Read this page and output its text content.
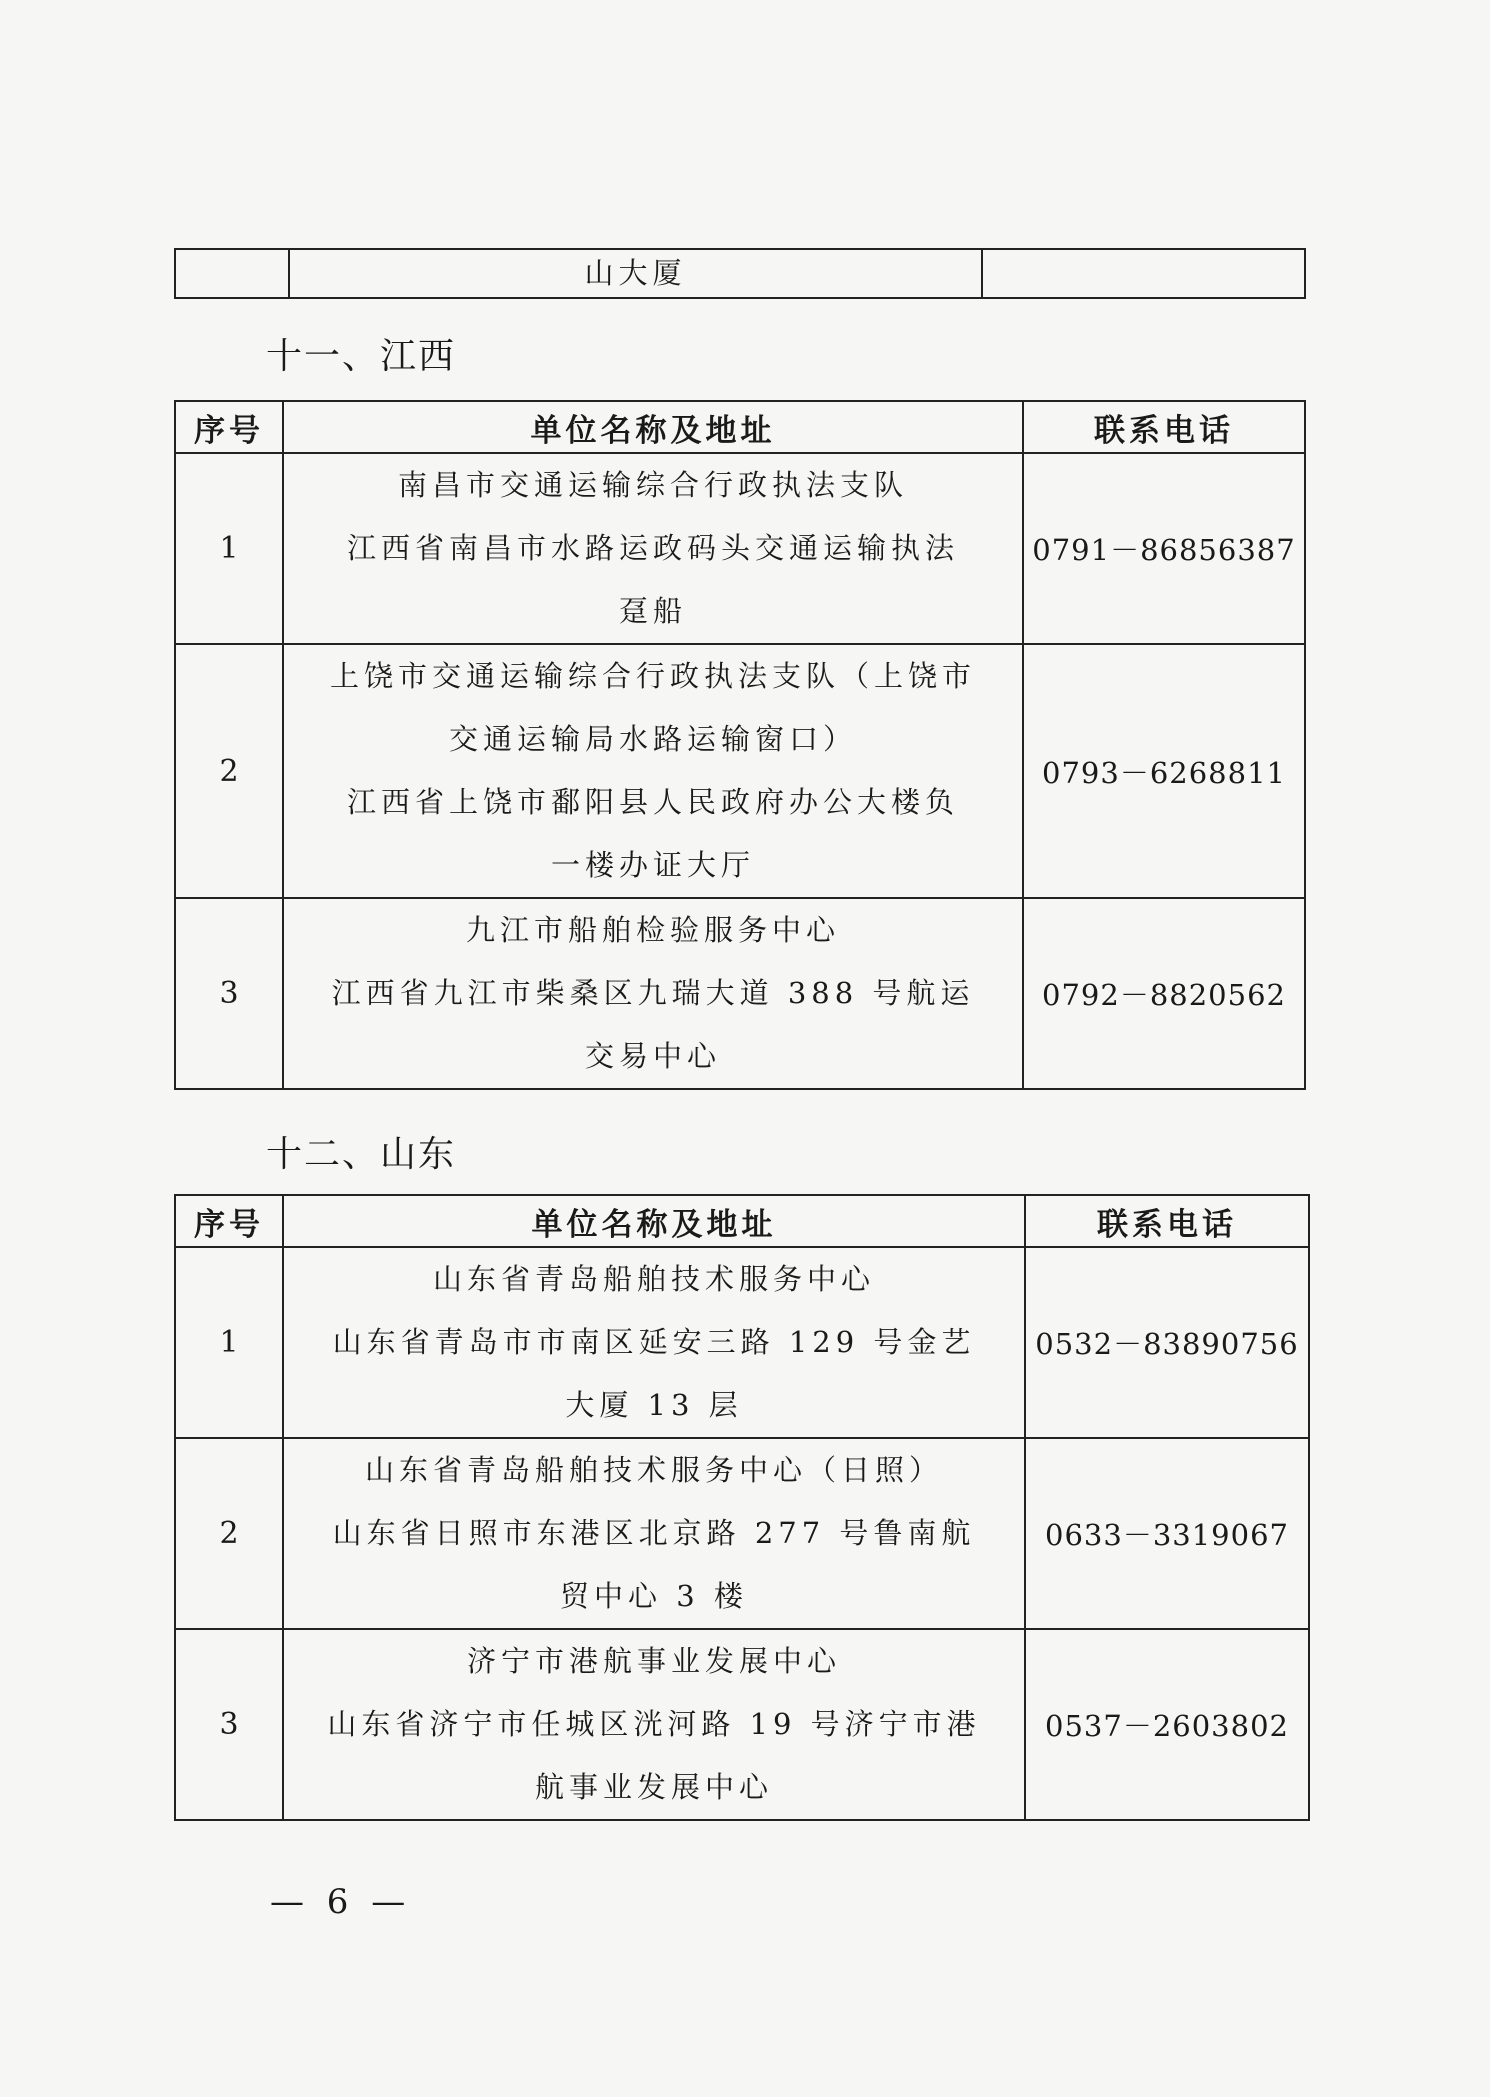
	山大厦	
十一、江西
序号	单位名称及地址	联系电话
1	南昌市交通运输综合行政执法支队
江西省南昌市水路运政码头交通运输执法
趸船	0791－86856387
2	上饶市交通运输综合行政执法支队（上饶市
交通运输局水路运输窗口）
江西省上饶市鄱阳县人民政府办公大楼负
一楼办证大厅	0793－6268811
3	九江市船舶检验服务中心
江西省九江市柴桑区九瑞大道 388 号航运
交易中心	0792－8820562
十二、山东
序号	单位名称及地址	联系电话
1	山东省青岛船舶技术服务中心
山东省青岛市市南区延安三路 129 号金艺
大厦 13 层	0532－83890756
2	山东省青岛船舶技术服务中心（日照）
山东省日照市东港区北京路 277 号鲁南航
贸中心 3 楼	0633－3319067
3	济宁市港航事业发展中心
山东省济宁市任城区洸河路 19 号济宁市港
航事业发展中心	0537－2603802
— 6 —
